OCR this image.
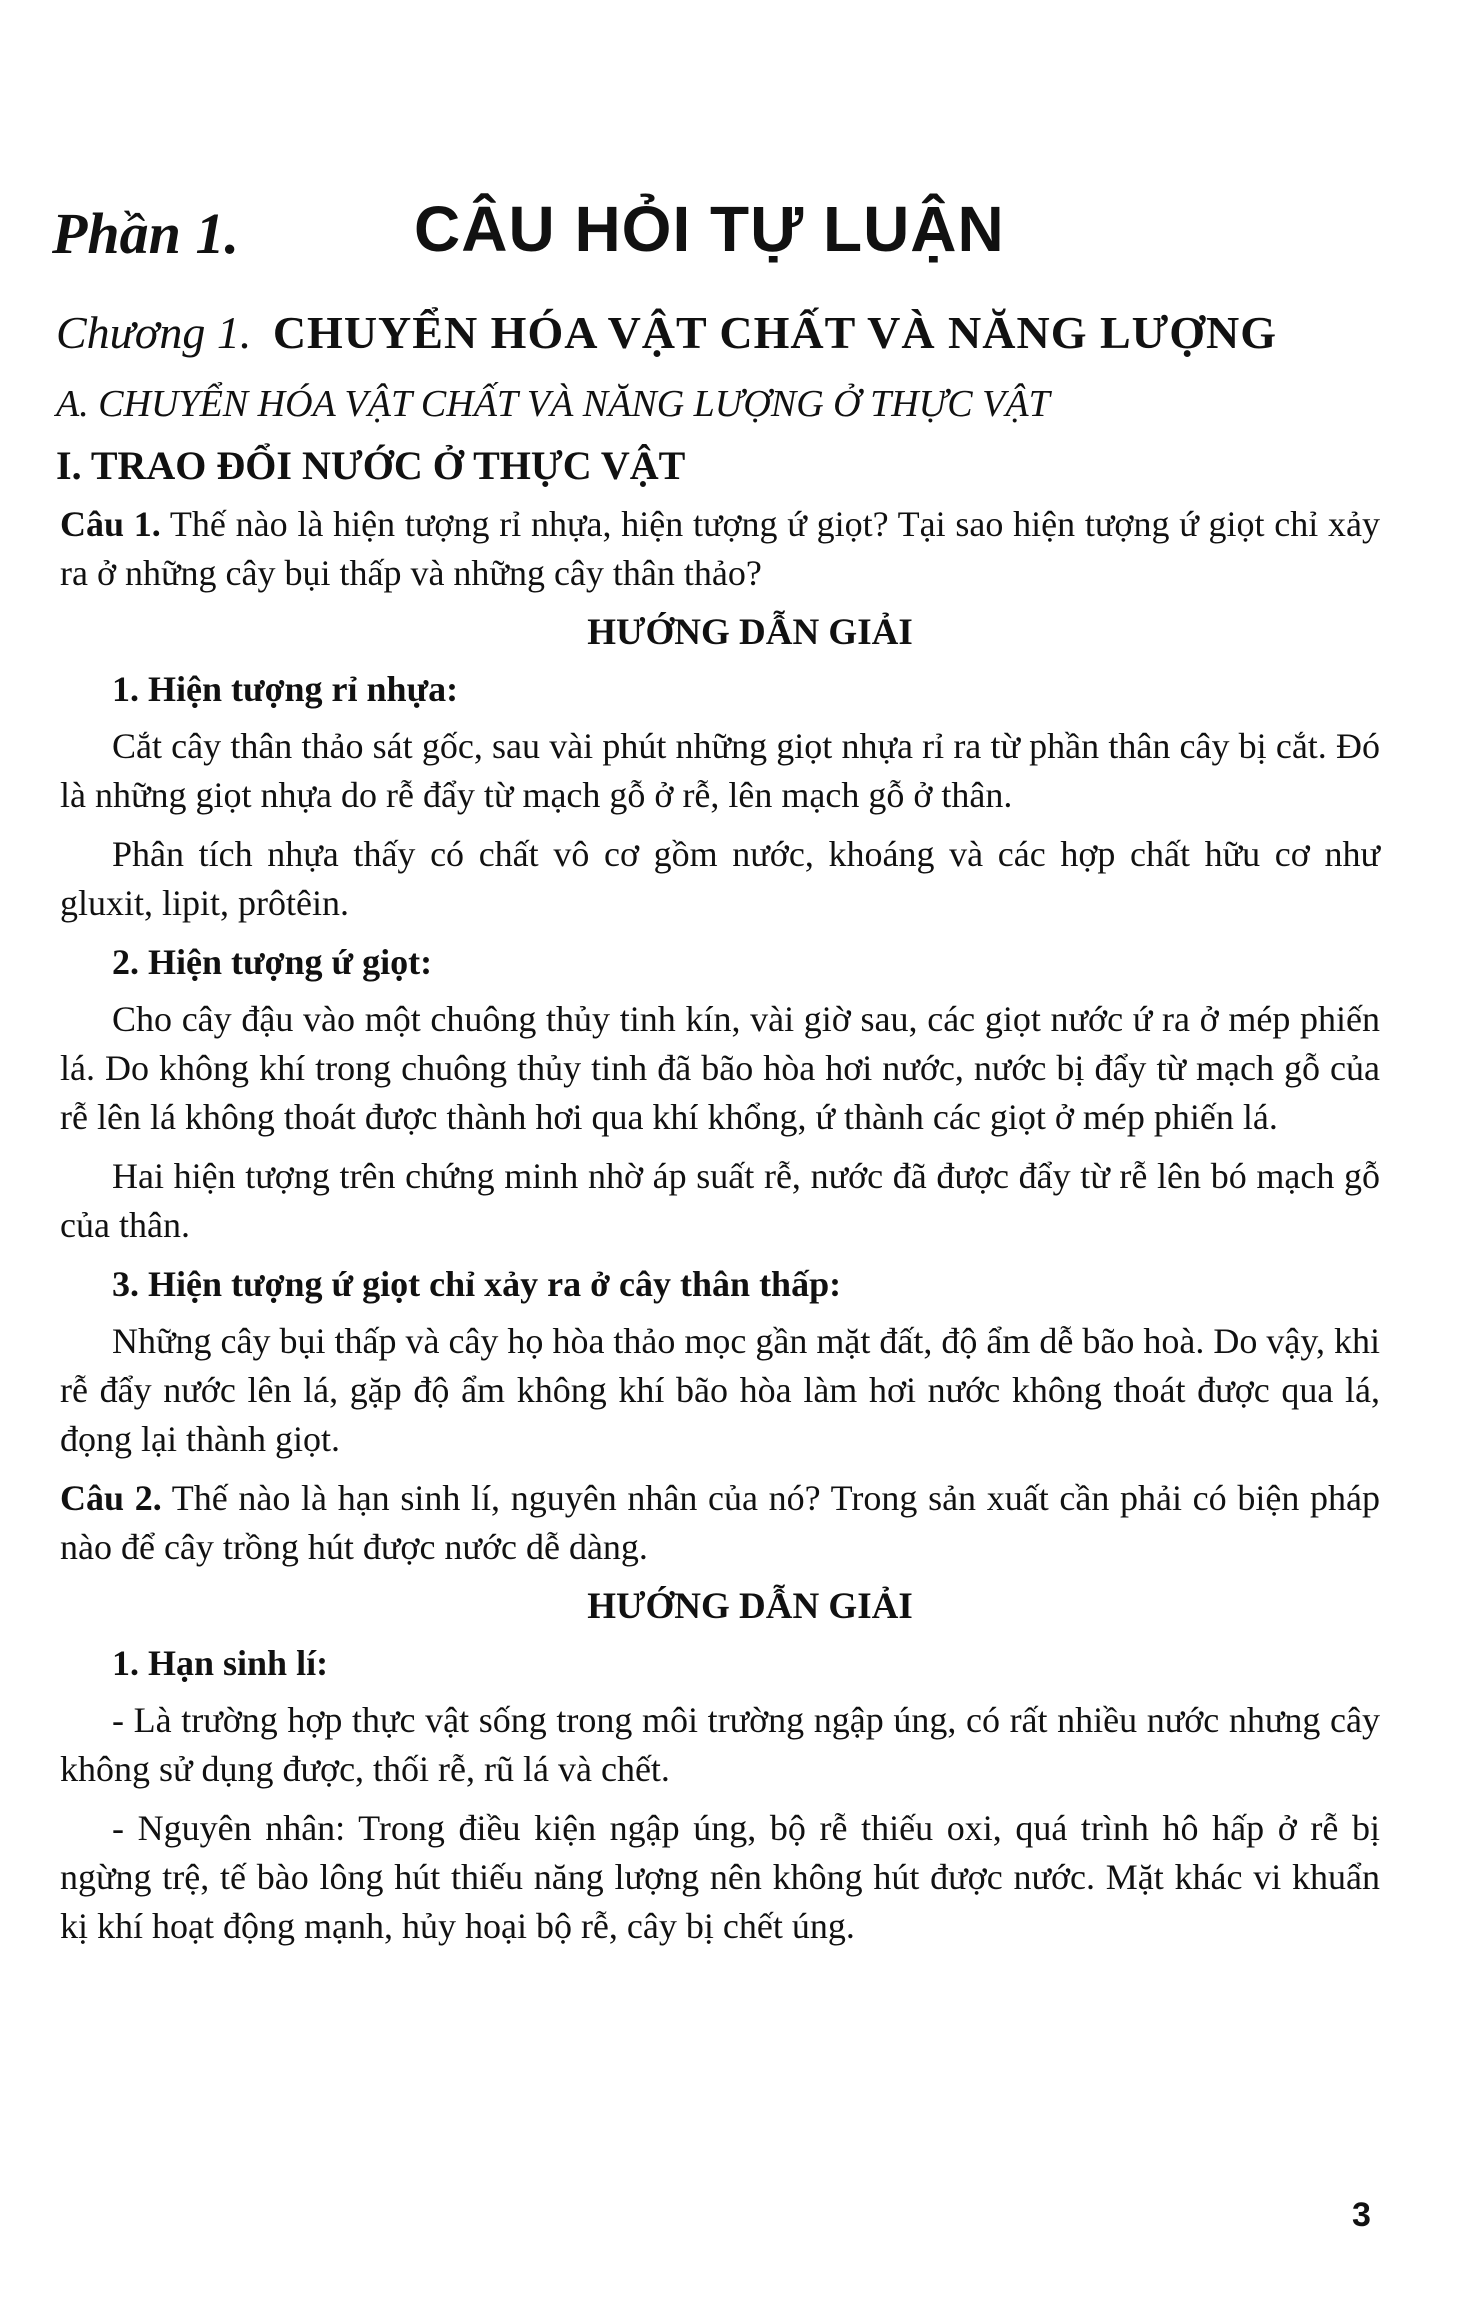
Phần 1.	CÂU HỎI TỰ LUẬN
Chương 1. CHUYỂN HÓA VẬT CHẤT VÀ NĂNG LƯỢNG
A. CHUYỂN HÓA VẬT CHẤT VÀ NĂNG LƯỢNG Ở THỰC VẬT
I. TRAO ĐỔI NƯỚC Ở THỰC VẬT

Câu 1. Thế nào là hiện tượng rỉ nhựa, hiện tượng ứ giọt? Tại sao hiện tượng ứ giọt chỉ xảy ra ở những cây bụi thấp và những cây thân thảo?

HƯỚNG DẪN GIẢI

1. Hiện tượng rỉ nhựa:

Cắt cây thân thảo sát gốc, sau vài phút những giọt nhựa rỉ ra từ phần thân cây bị cắt. Đó là những giọt nhựa do rễ đẩy từ mạch gỗ ở rễ, lên mạch gỗ ở thân.

Phân tích nhựa thấy có chất vô cơ gồm nước, khoáng và các hợp chất hữu cơ như gluxit, lipit, prôtêin.

2. Hiện tượng ứ giọt:

Cho cây đậu vào một chuông thủy tinh kín, vài giờ sau, các giọt nước ứ ra ở mép phiến lá. Do không khí trong chuông thủy tinh đã bão hòa hơi nước, nước bị đẩy từ mạch gỗ của rễ lên lá không thoát được thành hơi qua khí khổng, ứ thành các giọt ở mép phiến lá.

Hai hiện tượng trên chứng minh nhờ áp suất rễ, nước đã được đẩy từ rễ lên bó mạch gỗ của thân.

3. Hiện tượng ứ giọt chỉ xảy ra ở cây thân thấp:

Những cây bụi thấp và cây họ hòa thảo mọc gần mặt đất, độ ẩm dễ bão hoà. Do vậy, khi rễ đẩy nước lên lá, gặp độ ẩm không khí bão hòa làm hơi nước không thoát được qua lá, đọng lại thành giọt.

Câu 2. Thế nào là hạn sinh lí, nguyên nhân của nó? Trong sản xuất cần phải có biện pháp nào để cây trồng hút được nước dễ dàng.

HƯỚNG DẪN GIẢI

1. Hạn sinh lí:

- Là trường hợp thực vật sống trong môi trường ngập úng, có rất nhiều nước nhưng cây không sử dụng được, thối rễ, rũ lá và chết.

- Nguyên nhân: Trong điều kiện ngập úng, bộ rễ thiếu oxi, quá trình hô hấp ở rễ bị ngừng trệ, tế bào lông hút thiếu năng lượng nên không hút được nước. Mặt khác vi khuẩn kị khí hoạt động mạnh, hủy hoại bộ rễ, cây bị chết úng.

3
